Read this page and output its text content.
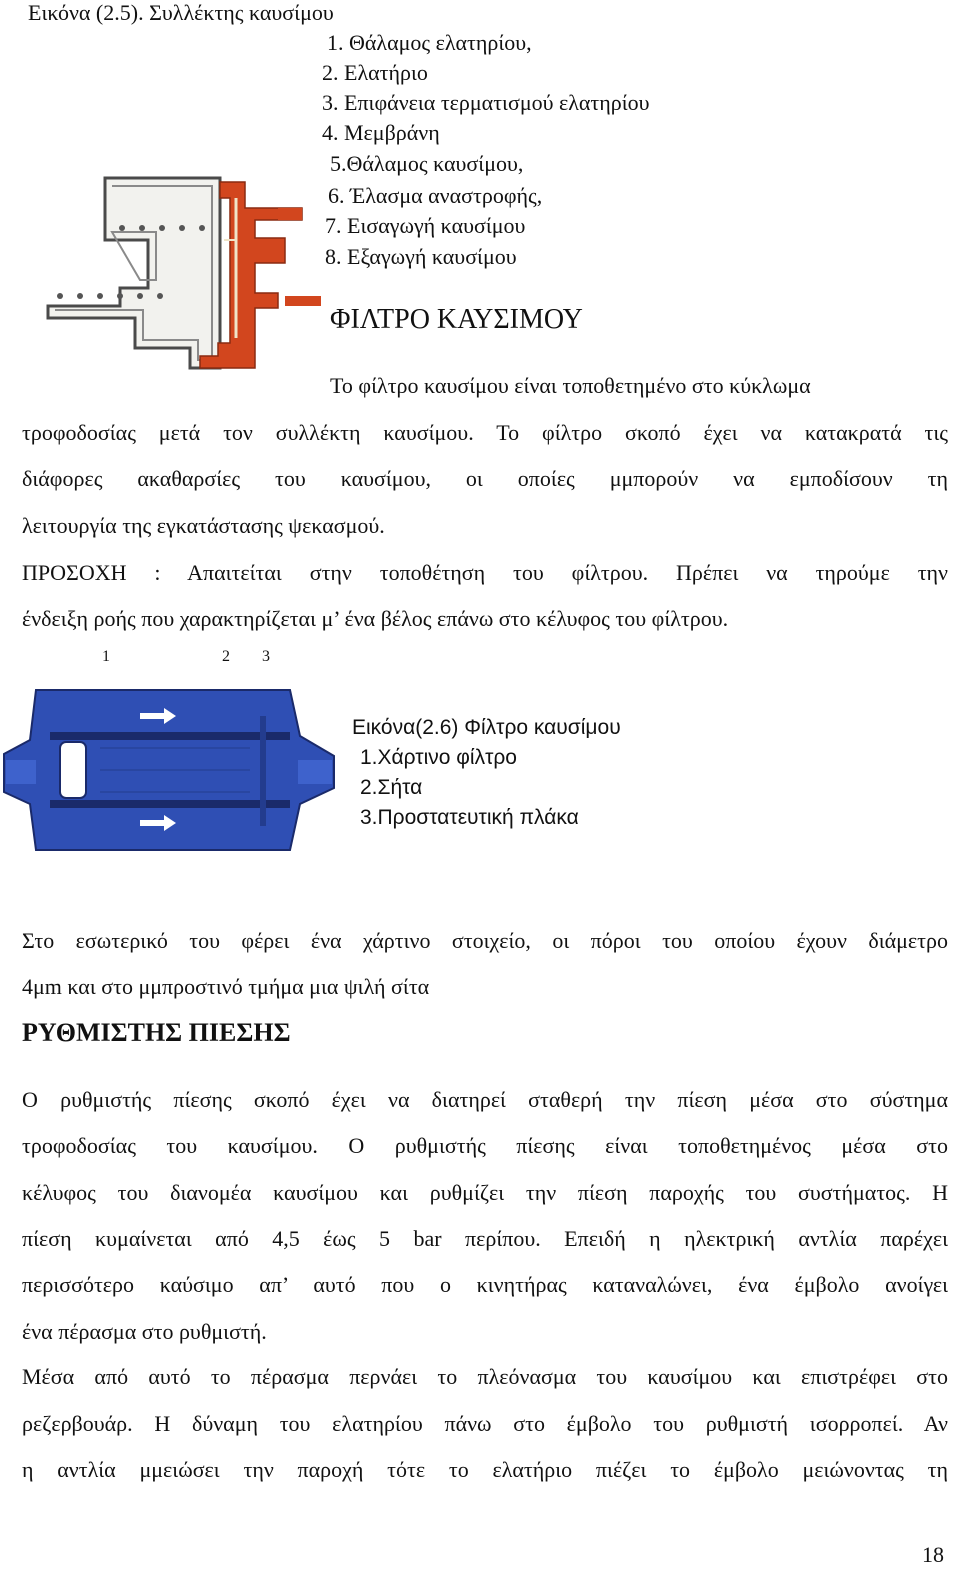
Εικόνα (2.5). Συλλέκτης καυσίμου
1. Θάλαμος ελατηρίου,
2. Ελατήριο
3. Επιφάνεια τερματισμού ελατηρίου
4. Μεμβράνη
5.Θάλαμος καυσίμου,
6. Έλασμα αναστροφής,
7. Εισαγωγή καυσίμου
8. Εξαγωγή καυσίμου
ΦΙΛΤΡΟ ΚΑΥΣΙΜΟΥ
Το φίλτρο καυσίμου είναι τοποθετημένο στο κύκλωμα
τροφοδοσίας μετά τον συλλέκτη καυσίμου. Το φίλτρο σκοπό έχει να κατακρατά τις
διάφορες ακαθαρσίες του καυσίμου, οι οποίες μμπορούν να εμποδίσουν τη
λειτουργία της εγκατάστασης ψεκασμού.
ΠΡΟΣΟΧΗ : Απαιτείται στην τοποθέτηση του φίλτρου. Πρέπει να τηρούμε την
ένδειξη ροής που χαρακτηρίζεται μ’ ένα βέλος επάνω στο κέλυφος του φίλτρου.
1	2 3
Εικόνα(2.6) Φίλτρο καυσίμου
1.Χάρτινο φίλτρο
2.Σήτα
3.Προστατευτική πλάκα
Στο εσωτερικό του φέρει ένα χάρτινο στοιχείο, οι πόροι του οποίου έχουν διάμετρο
4μm και στο μμπροστινό τμήμα μια ψιλή σίτα
ΡΥΘΜΙΣΤΗΣ ΠΙΕΣΗΣ
Ο ρυθμιστής πίεσης σκοπό έχει να διατηρεί σταθερή την πίεση μέσα στο σύστημα
τροφοδοσίας του καυσίμου. Ο ρυθμιστής πίεσης είναι τοποθετημένος μέσα στο
κέλυφος του διανομέα καυσίμου και ρυθμίζει την πίεση παροχής του συστήματος. Η
πίεση κυμαίνεται από 4,5 έως 5 bar περίπου. Επειδή η ηλεκτρική αντλία παρέχει
περισσότερο καύσιμο απ’ αυτό που ο κινητήρας καταναλώνει, ένα έμβολο ανοίγει
ένα πέρασμα στο ρυθμιστή.
Μέσα από αυτό το πέρασμα περνάει το πλεόνασμα του καυσίμου και επιστρέφει στο
ρεζερβουάρ. Η δύναμη του ελατηρίου πάνω στο έμβολο του ρυθμιστή ισορροπεί. Αν
η αντλία μμειώσει την παροχή τότε το ελατήριο πιέζει το έμβολο μειώνοντας τη
18
